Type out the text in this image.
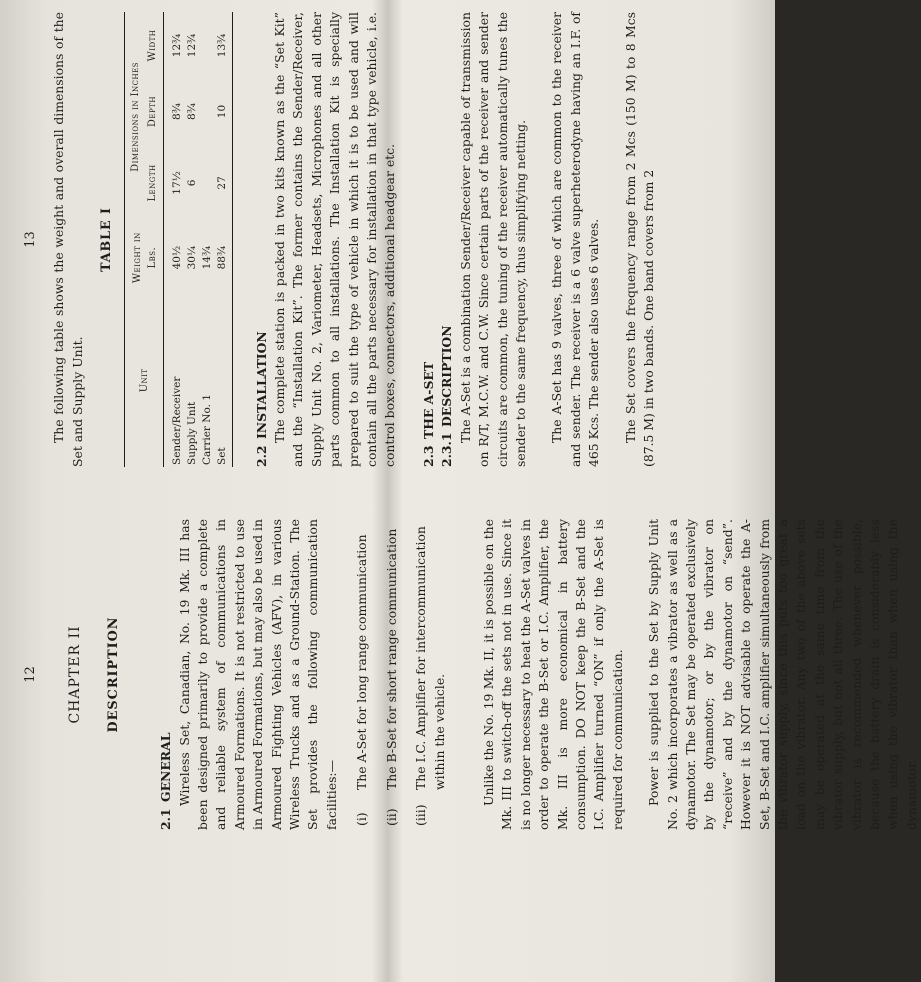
12 CHAPTER II DESCRIPTION
2.1GENERAL Wireless Set, Canadian, No. 19 Mk. III has been designed primarily to provide a complete and reliable system of communications in Armoured Formations. It is not restricted to use in Armoured Formations, but may also be used in Armoured Fighting Vehicles (AFV), in various Wireless Trucks and as a Ground-Station. The Set provides the following communication facilities:— (i)
The A-Set for long range communication
(ii)
The B-Set for short range communication
(iii)
The I.C. Amplifier for intercommunication within the vehicle.	Unlike the No. 19 Mk. II, it is possible on the Mk. III to switch-off the sets not in use. Since it is no longer necessary to heat the A-Set valves in order to operate the B-Set or I.C. Amplifier, the Mk. III is more economical in battery consumption. DO NOT keep the B-Set and the I.C. Amplifier turned “ON” if only the A-Set is required for communication. Power is supplied to the Set by Supply Unit No. 2 which incorporates a vibrator as well as a dynamotor. The Set may be operated exclusively by the dynamotor; or by the vibrator on “receive” and by the dynamotor on “send”. However it is NOT advisable to operate the A-Set, B-Set and I.C. amplifier simultaneously from the vibrator supply, since this puts too great a load on the vibrator. Any two of the above sets may be operated at the same time from the vibrator supply, but not all three. The use of the vibrator is recommended whenever possible, because the battery drain is considerably less when using the vibrator than when using the dynamotor.

13 The following table shows the weight and overall dimensions of the Set and Supply Unit.

TABLE I
Unit	Weight in Lbs.	Dimensions in Inches		
		Length	Depth	Width
Sender/Receiver	40½	17½	8¾	12¾
Supply Unit	30¼	6	8¾	12¾
Carrier No. 1	14¾			
Set	88¾	27	10	13¾
2.2INSTALLATION The complete station is packed in two kits known as the “Set Kit” and the “Installation Kit”. The former contains the Sender/Receiver, Supply Unit No. 2, Variometer, Headsets, Microphones and all other parts common to all installations. The Installation Kit is specially prepared to suit the type of vehicle in which it is to be used and will contain all the parts necessary for installation in that type vehicle, i.e. control boxes, connectors, additional headgear etc. 2.3THE A-SET
2.3.1DESCRIPTION The A-Set is a combination Sender/Receiver capable of transmission on R/T, M.C.W. and C.W. Since certain parts of the receiver and sender circuits are common, the tuning of the receiver automatically tunes the sender to the same frequency, thus simplifying netting. The A-Set has 9 valves, three of which are common to the receiver and sender. The receiver is a 6 valve superheterodyne having an I.F. of 465 Kcs. The sender also uses 6 valves. The Set covers the frequency range from 2 Mcs (150 M) to 8 Mcs (87.5 M) in two bands. One band covers from 2
